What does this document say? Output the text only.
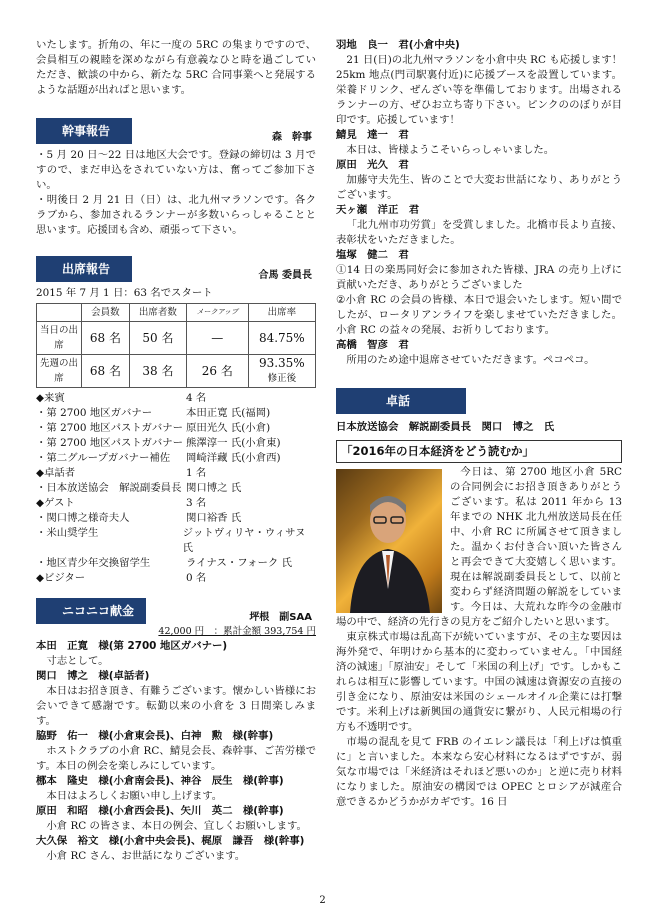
いたします。折角の、年に一度の 5RC の集まりですので、会員相互の親睦を深めながら有意義なひと時を過ごしていただき、歓談の中から、新たな 5RC 合同事業へと発展するような話題が出ればと思います。

幹事報告	森　幹事

・5 月 20 日～22 日は地区大会です。登録の締切は 3 月ですので、まだ申込をされていない方は、奮ってご参加下さい。

・明後日 2 月 21 日（日）は、北九州マラソンです。各クラブから、参加されるランナーが多数いらっしゃることと思います。応援団も含め、頑張って下さい。

出席報告	合馬 委員長

2015 年 7 月 1 日：63 名でスタート

	会員数	出席者数	メークアップ	出席率
当日の出席	68 名	50 名	—	84.75%
先週の出席	68 名	38 名	26 名	93.35%
修正後
◆来賓	4 名
・第 2700 地区ガバナー	本田正寛 氏(福岡)
・第 2700 地区パストガバナー 原田光久 氏(小倉)
・第 2700 地区パストガバナー 熊澤淳一 氏(小倉東)
・第二グループガバナー補佐	岡崎洋藏 氏(小倉西)
◆卓話者	1 名
・日本放送協会　解説副委員長 関口博之 氏
◆ゲスト	3 名
・関口博之様奇夫人	関口裕香 氏
・米山奨学生	ジットヴィリヤ・ウィサヌ 氏
・地区青少年交換留学生	ライナス・フォーク 氏
◆ビジター	0 名
ニコニコ献金	坪根　副SAA
42,000 円　：累計金額 393,754 円
本田　正寛　様(第 2700 地区ガバナー)

寸志として。

関口　博之　様(卓話者)

本日はお招き頂き、有難うございます。懐かしい皆様にお会いできて感謝です。転勤以来の小倉を 3 日間楽しみます。

脇野　佑一　様(小倉東会長)、白神　勲　様(幹事)

ホストクラブの小倉 RC、鯖見会長、森幹事、ご苦労様です。本日の例会を楽しみにしています。

梛本　隆史　様(小倉南会長)、神谷　辰生　様(幹事)

本日はよろしくお願い申し上げます。

原田　和昭　様(小倉西会長)、矢川　英二　様(幹事)

小倉 RC の皆さま、本日の例会、宜しくお願いします。

大久保　裕文　様(小倉中央会長)、梶原　謙吾　様(幹事)

小倉 RC さん、お世話になりございます。

羽地　良一　君(小倉中央)

21 日(日)の北九州マラソンを小倉中央 RC も応援します！25km 地点(門司駅裏付近)に応援ブースを設置しています。栄養ドリンク、ぜんざい等を準備しております。出場されるランナーの方、ぜひお立ち寄り下さい。ピンクののぼりが目印です。応援しています！

鯖見　達一　君

本日は、皆様ようこそいらっしゃいました。

原田　光久　君

加藤守夫先生、皆のことで大変お世話になり、ありがとうございます。

天ヶ瀬　洋正　君

「北九州市功労賞」を受賞しました。北橋市長より直接、表彰状をいただきました。

塩塚　健二　君

①14 日の楽馬同好会に参加された皆様、JRA の売り上げに貢献いただき、ありがとうございました
②小倉 RC の会員の皆様、本日で退会いたします。短い間でしたが、ロータリアンライフを楽しませていただきました。小倉 RC の益々の発展、お祈りしております。

高橋　智彦　君

所用のため途中退席させていただきます。ペコペコ。

卓話
日本放送協会　解説副委員長　関口　博之　氏
「2016年の日本経済をどう読むか」

今日は、第 2700 地区小倉 5RC の合同例会にお招き頂きありがとうございます。私は 2011 年から 13 年までの NHK 北九州放送局長在任中、小倉 RC に所属させて頂きました。温かくお付き合い頂いた皆さんと再会できて大変嬉しく思います。現在は解説副委員長として、以前と変わらず経済問題の解説をしています。今日は、大荒れな昨今の金融市場の中で、経済の先行きの見方をご紹介したいと思います。

東京株式市場は乱高下が続いていますが、その主な要因は海外発で、年明けから基本的に変わっていません。「中国経済の減速」「原油安」そして「米国の利上げ」です。しかもこれらは相互に影響しています。中国の減速は資源安の直接の引き金になり、原油安は米国のシェールオイル企業には打撃です。米利上げは新興国の通貨安に繋がり、人民元相場の行方も不透明です。

市場の混乱を見て FRB のイエレン議長は「利上げは慎重に」と言いました。本来なら安心材料になるはずですが、弱気な市場では「米経済はそれほど悪いのか」と逆に売り材料になりました。原油安の構図では OPEC とロシアが減産合意できるかどうかがカギです。16 日

2
